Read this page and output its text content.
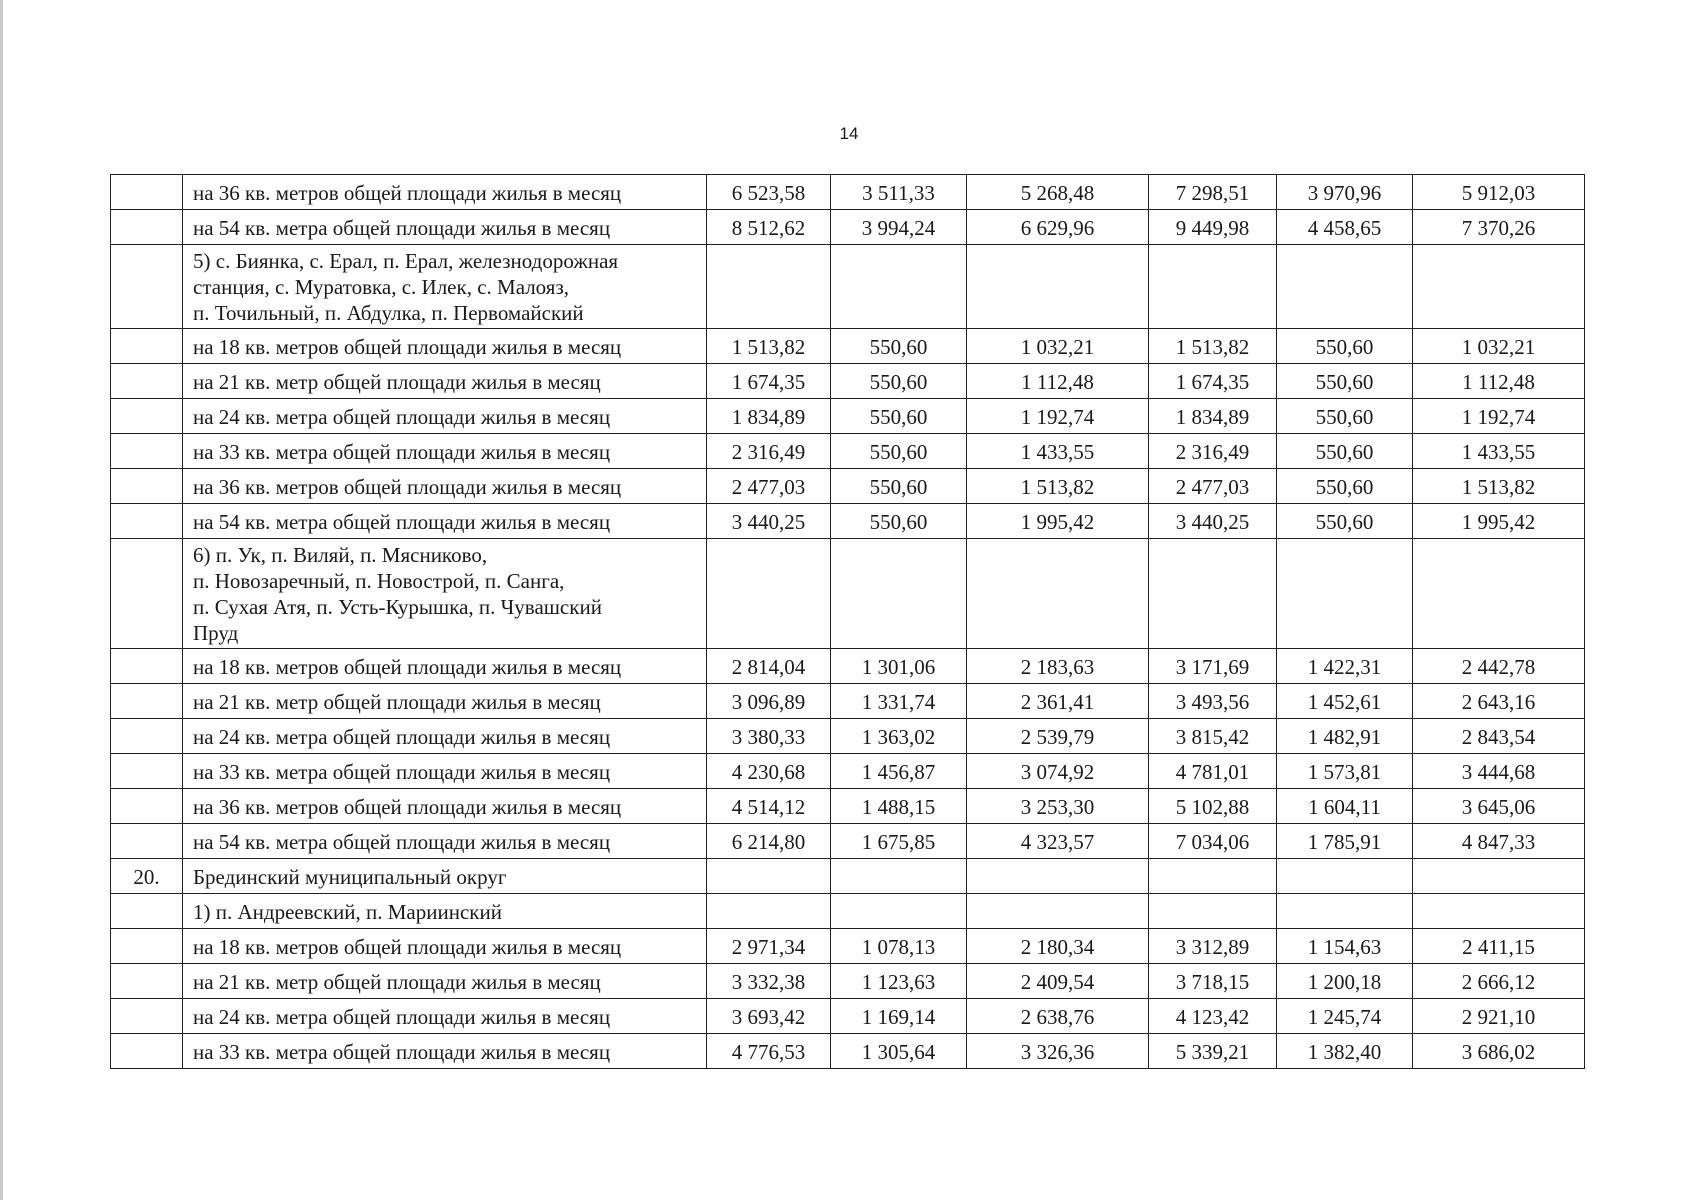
14
	на 36 кв. метров общей площади жилья в месяц	6 523,58	3 511,33	5 268,48	7 298,51	3 970,96	5 912,03
	на 54 кв. метра общей площади жилья в месяц	8 512,62	3 994,24	6 629,96	9 449,98	4 458,65	7 370,26

	5) с. Биянка, с. Ерал, п. Ерал, железнодорожная
станция, с. Муратовка, с. Илек, с. Малояз,
п. Точильный, п. Абдулка, п. Первомайский						

	на 18 кв. метров общей площади жилья в месяц	1 513,82	550,60	1 032,21	1 513,82	550,60	1 032,21
	на 21 кв. метр общей площади жилья в месяц	1 674,35	550,60	1 112,48	1 674,35	550,60	1 112,48
	на 24 кв. метра общей площади жилья в месяц	1 834,89	550,60	1 192,74	1 834,89	550,60	1 192,74
	на 33 кв. метра общей площади жилья в месяц	2 316,49	550,60	1 433,55	2 316,49	550,60	1 433,55
	на 36 кв. метров общей площади жилья в месяц	2 477,03	550,60	1 513,82	2 477,03	550,60	1 513,82
	на 54 кв. метра общей площади жилья в месяц	3 440,25	550,60	1 995,42	3 440,25	550,60	1 995,42

	6) п. Ук, п. Виляй, п. Мясниково,
п. Новозаречный, п. Новострой, п. Санга,
п. Сухая Атя, п. Усть-Курышка, п. Чувашский
Пруд						

	на 18 кв. метров общей площади жилья в месяц	2 814,04	1 301,06	2 183,63	3 171,69	1 422,31	2 442,78
	на 21 кв. метр общей площади жилья в месяц	3 096,89	1 331,74	2 361,41	3 493,56	1 452,61	2 643,16
	на 24 кв. метра общей площади жилья в месяц	3 380,33	1 363,02	2 539,79	3 815,42	1 482,91	2 843,54
	на 33 кв. метра общей площади жилья в месяц	4 230,68	1 456,87	3 074,92	4 781,01	1 573,81	3 444,68
	на 36 кв. метров общей площади жилья в месяц	4 514,12	1 488,15	3 253,30	5 102,88	1 604,11	3 645,06
	на 54 кв. метра общей площади жилья в месяц	6 214,80	1 675,85	4 323,57	7 034,06	1 785,91	4 847,33
20.	Брединский муниципальный округ						

	1) п. Андреевский, п. Мариинский						

	на 18 кв. метров общей площади жилья в месяц	2 971,34	1 078,13	2 180,34	3 312,89	1 154,63	2 411,15
	на 21 кв. метр общей площади жилья в месяц	3 332,38	1 123,63	2 409,54	3 718,15	1 200,18	2 666,12
	на 24 кв. метра общей площади жилья в месяц	3 693,42	1 169,14	2 638,76	4 123,42	1 245,74	2 921,10
	на 33 кв. метра общей площади жилья в месяц	4 776,53	1 305,64	3 326,36	5 339,21	1 382,40	3 686,02
